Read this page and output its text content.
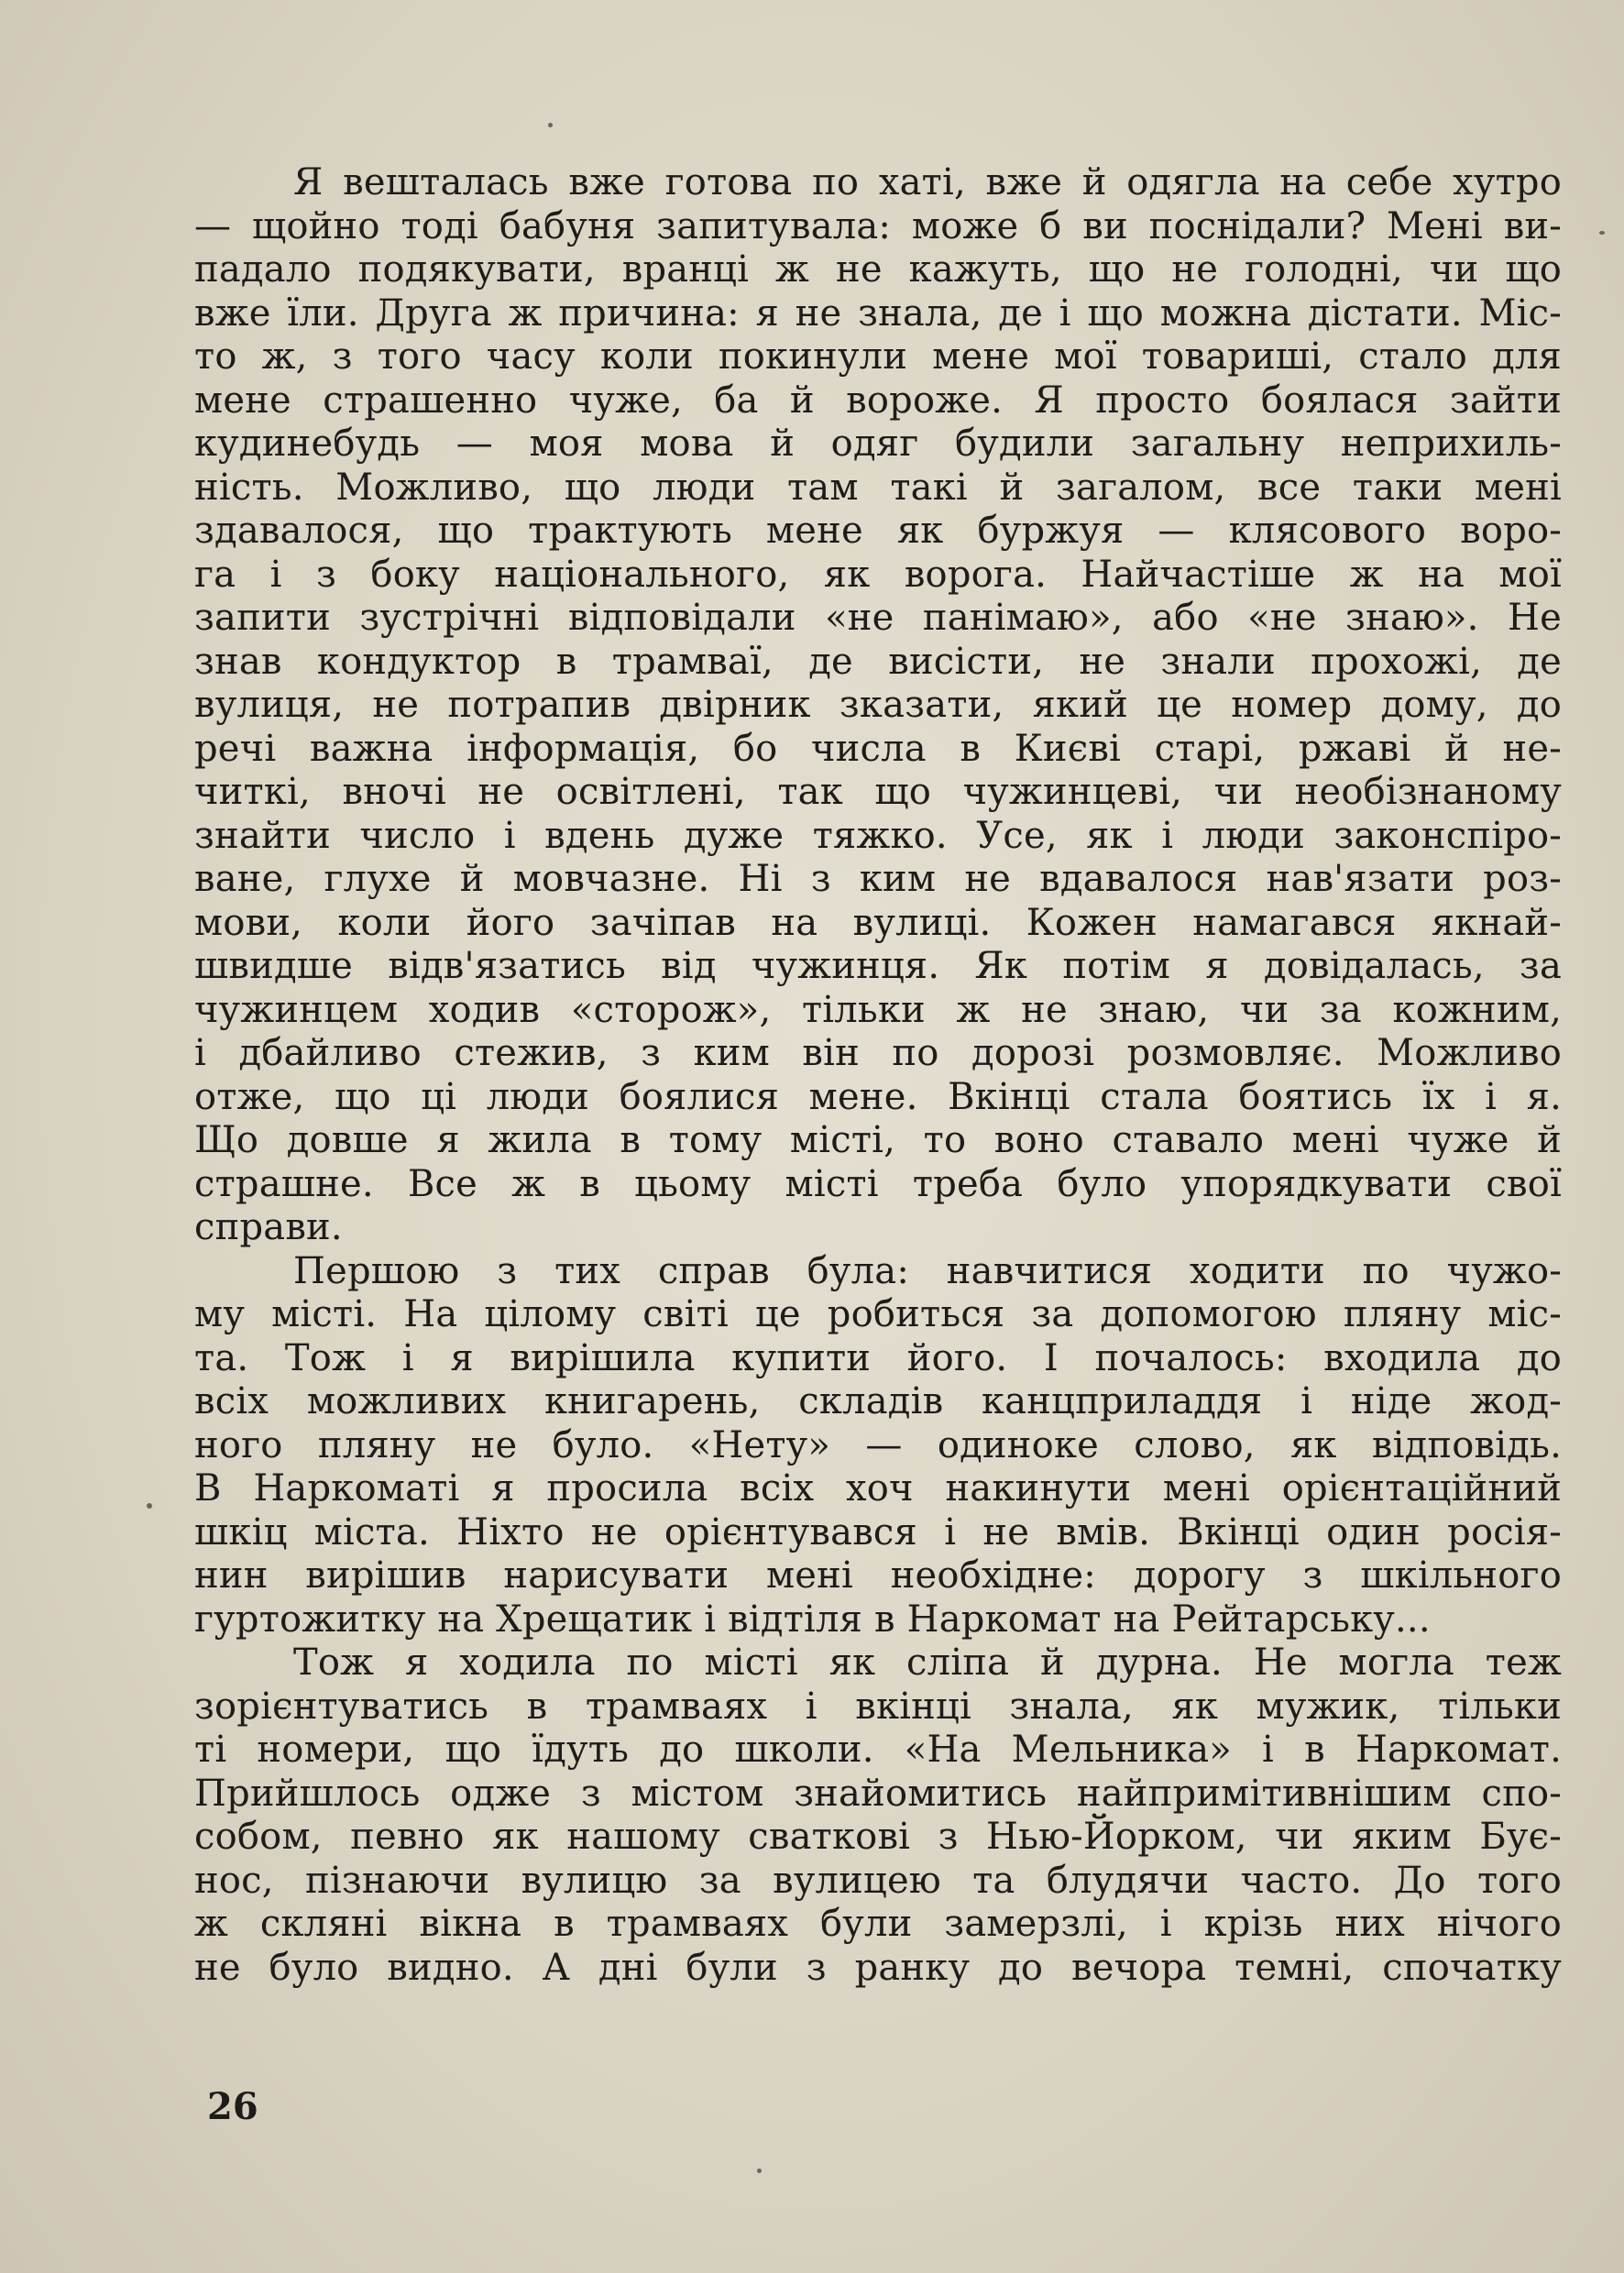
Я вешталась вже готова по хаті, вже й одягла на себе хутро
— щойно тоді бабуня запитувала: може б ви поснідали? Мені ви-
падало подякувати, вранці ж не кажуть, що не голодні, чи що
вже їли. Друга ж причина: я не знала, де і що можна дістати. Міс-
то ж, з того часу коли покинули мене мої товариші, стало для
мене страшенно чуже, ба й вороже. Я просто боялася зайти
кудинебудь — моя мова й одяг будили загальну неприхиль-
ність. Можливо, що люди там такі й загалом, все таки мені
здавалося, що трактують мене як буржуя — клясового воро-
га і з боку національного, як ворога. Найчастіше ж на мої
запити зустрічні відповідали «не панімаю», або «не знаю». Не
знав кондуктор в трамваї, де висісти, не знали прохожі, де
вулиця, не потрапив двірник зказати, який це номер дому, до
речі важна інформація, бо числа в Києві старі, ржаві й не-
читкі, вночі не освітлені, так що чужинцеві, чи необізнаному
знайти число і вдень дуже тяжко. Усе, як і люди законспіро-
ване, глухе й мовчазне. Ні з ким не вдавалося нав'язати роз-
мови, коли його зачіпав на вулиці. Кожен намагався якнай-
швидше відв'язатись від чужинця. Як потім я довідалась, за
чужинцем ходив «сторож», тільки ж не знаю, чи за кожним,
і дбайливо стежив, з ким він по дорозі розмовляє. Можливо
отже, що ці люди боялися мене. Вкінці стала боятись їх і я.
Що довше я жила в тому місті, то воно ставало мені чуже й
страшне. Все ж в цьому місті треба було упорядкувати свої
справи.
Першою з тих справ була: навчитися ходити по чужо-
му місті. На цілому світі це робиться за допомогою пляну міс-
та. Тож і я вирішила купити його. І почалось: входила до
всіх можливих книгарень, складів канцприладдя і ніде жод-
ного пляну не було. «Нету» — одиноке слово, як відповідь.
В Наркоматі я просила всіх хоч накинути мені орієнтаційний
шкіц міста. Ніхто не орієнтувався і не вмів. Вкінці один росія-
нин вирішив нарисувати мені необхідне: дорогу з шкільного
гуртожитку на Хрещатик і відтіля в Наркомат на Рейтарську...
Тож я ходила по місті як сліпа й дурна. Не могла теж
зорієнтуватись в трамваях і вкінці знала, як мужик, тільки
ті номери, що їдуть до школи. «На Мельника» і в Наркомат.
Прийшлось одже з містом знайомитись найпримітивнішим спо-
собом, певно як нашому сваткові з Нью-Йорком, чи яким Бує-
нос, пізнаючи вулицю за вулицею та блудячи часто. До того
ж скляні вікна в трамваях були замерзлі, і крізь них нічого
не було видно. А дні були з ранку до вечора темні, спочатку
26
